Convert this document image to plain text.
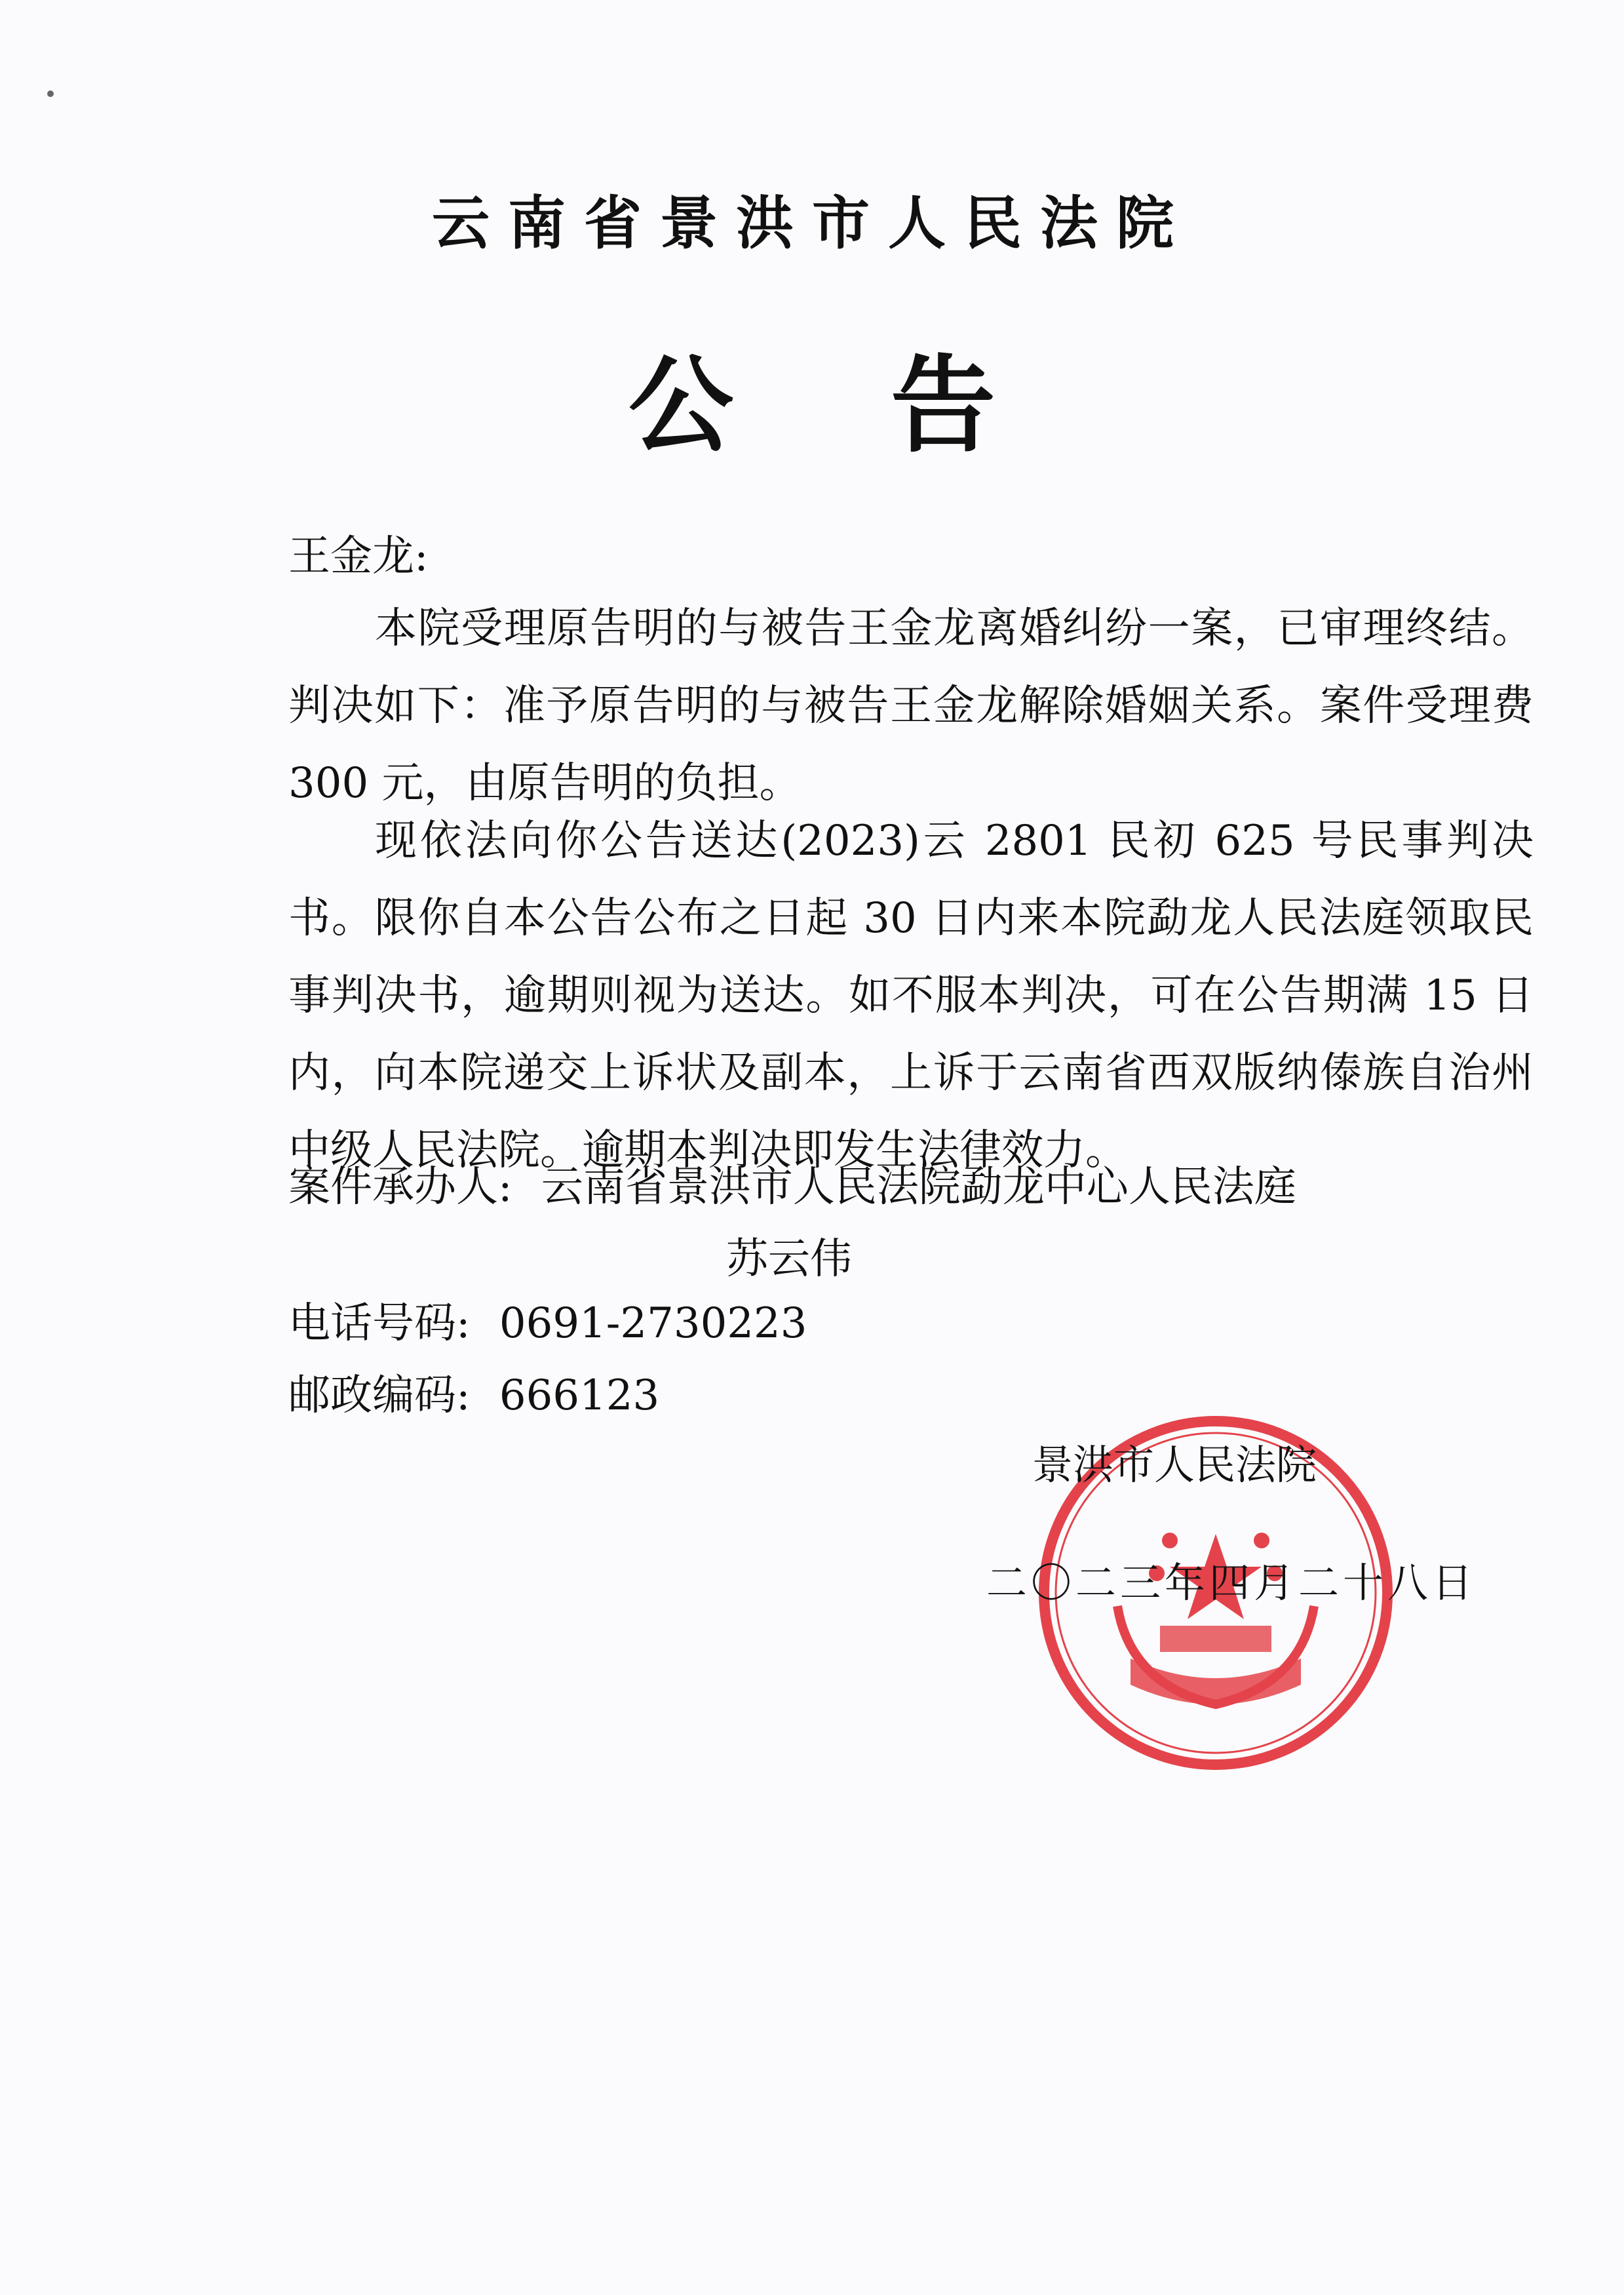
云南省景洪市人民法院
公告
王金龙:

本院受理原告明的与被告王金龙离婚纠纷一案，已审理终结。判决如下：准予原告明的与被告王金龙解除婚姻关系。案件受理费 300 元，由原告明的负担。

现依法向你公告送达(2023)云 2801 民初 625 号民事判决书。限你自本公告公布之日起 30 日内来本院勐龙人民法庭领取民事判决书，逾期则视为送达。如不服本判决，可在公告期满 15 日内，向本院递交上诉状及副本，上诉于云南省西双版纳傣族自治州中级人民法院。逾期本判决即发生法律效力。

案件承办人: 云南省景洪市人民法院勐龙中心人民法庭
苏云伟
电话号码: 0691-2730223
邮政编码: 666123
景洪市人民法院
二〇二三年四月二十八日
